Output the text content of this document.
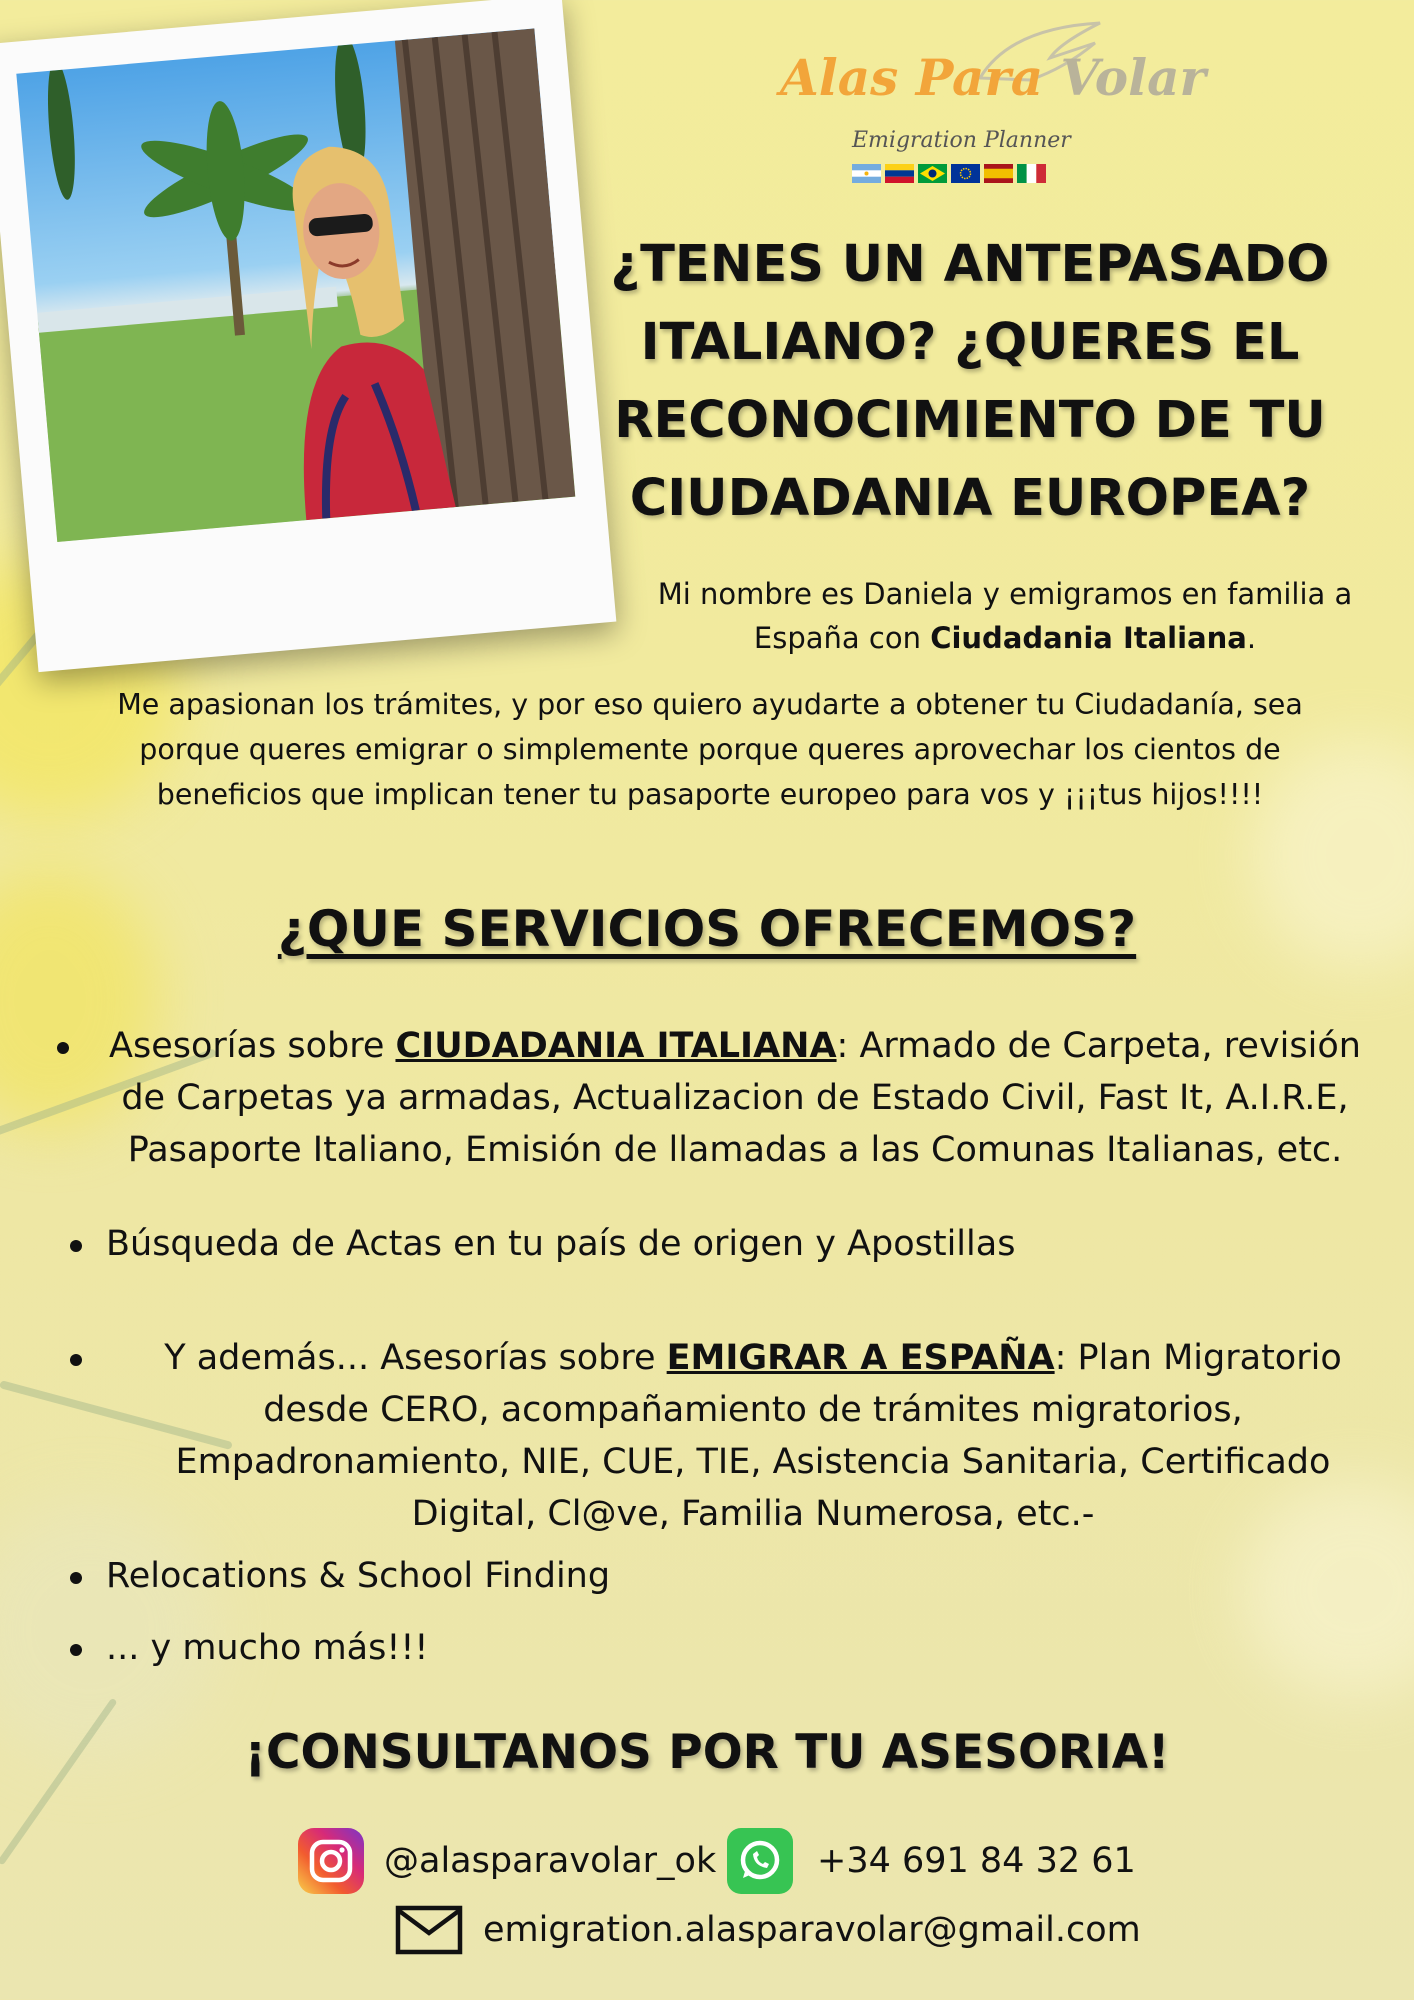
Alas Para Volar
Emigration Planner
¿TENES UN ANTEPASADO ITALIANO? ¿QUERES EL RECONOCIMIENTO DE TU CIUDADANIA EUROPEA?
Mi nombre es Daniela y emigramos en familia a España con Ciudadania Italiana.
Me apasionan los trámites, y por eso quiero ayudarte a obtener tu Ciudadanía, sea porque queres emigrar o simplemente porque queres aprovechar los cientos de beneficios que implican tener tu pasaporte europeo para vos y ¡¡¡tus hijos!!!!
¿QUE SERVICIOS OFRECEMOS?
Asesorías sobre CIUDADANIA ITALIANA: Armado de Carpeta, revisión de Carpetas ya armadas, Actualizacion de Estado Civil, Fast It, A.I.R.E, Pasaporte Italiano, Emisión de llamadas a las Comunas Italianas, etc.
Búsqueda de Actas en tu país de origen y Apostillas
Y además... Asesorías sobre EMIGRAR A ESPAÑA: Plan Migratorio desde CERO, acompañamiento de trámites migratorios, Empadronamiento, NIE, CUE, TIE, Asistencia Sanitaria, Certificado Digital, Cl@ve, Familia Numerosa, etc.-
Relocations & School Finding
... y mucho más!!!
¡CONSULTANOS POR TU ASESORIA!
@alasparavolar_ok	+34 691 84 32 61
emigration.alasparavolar@gmail.com
